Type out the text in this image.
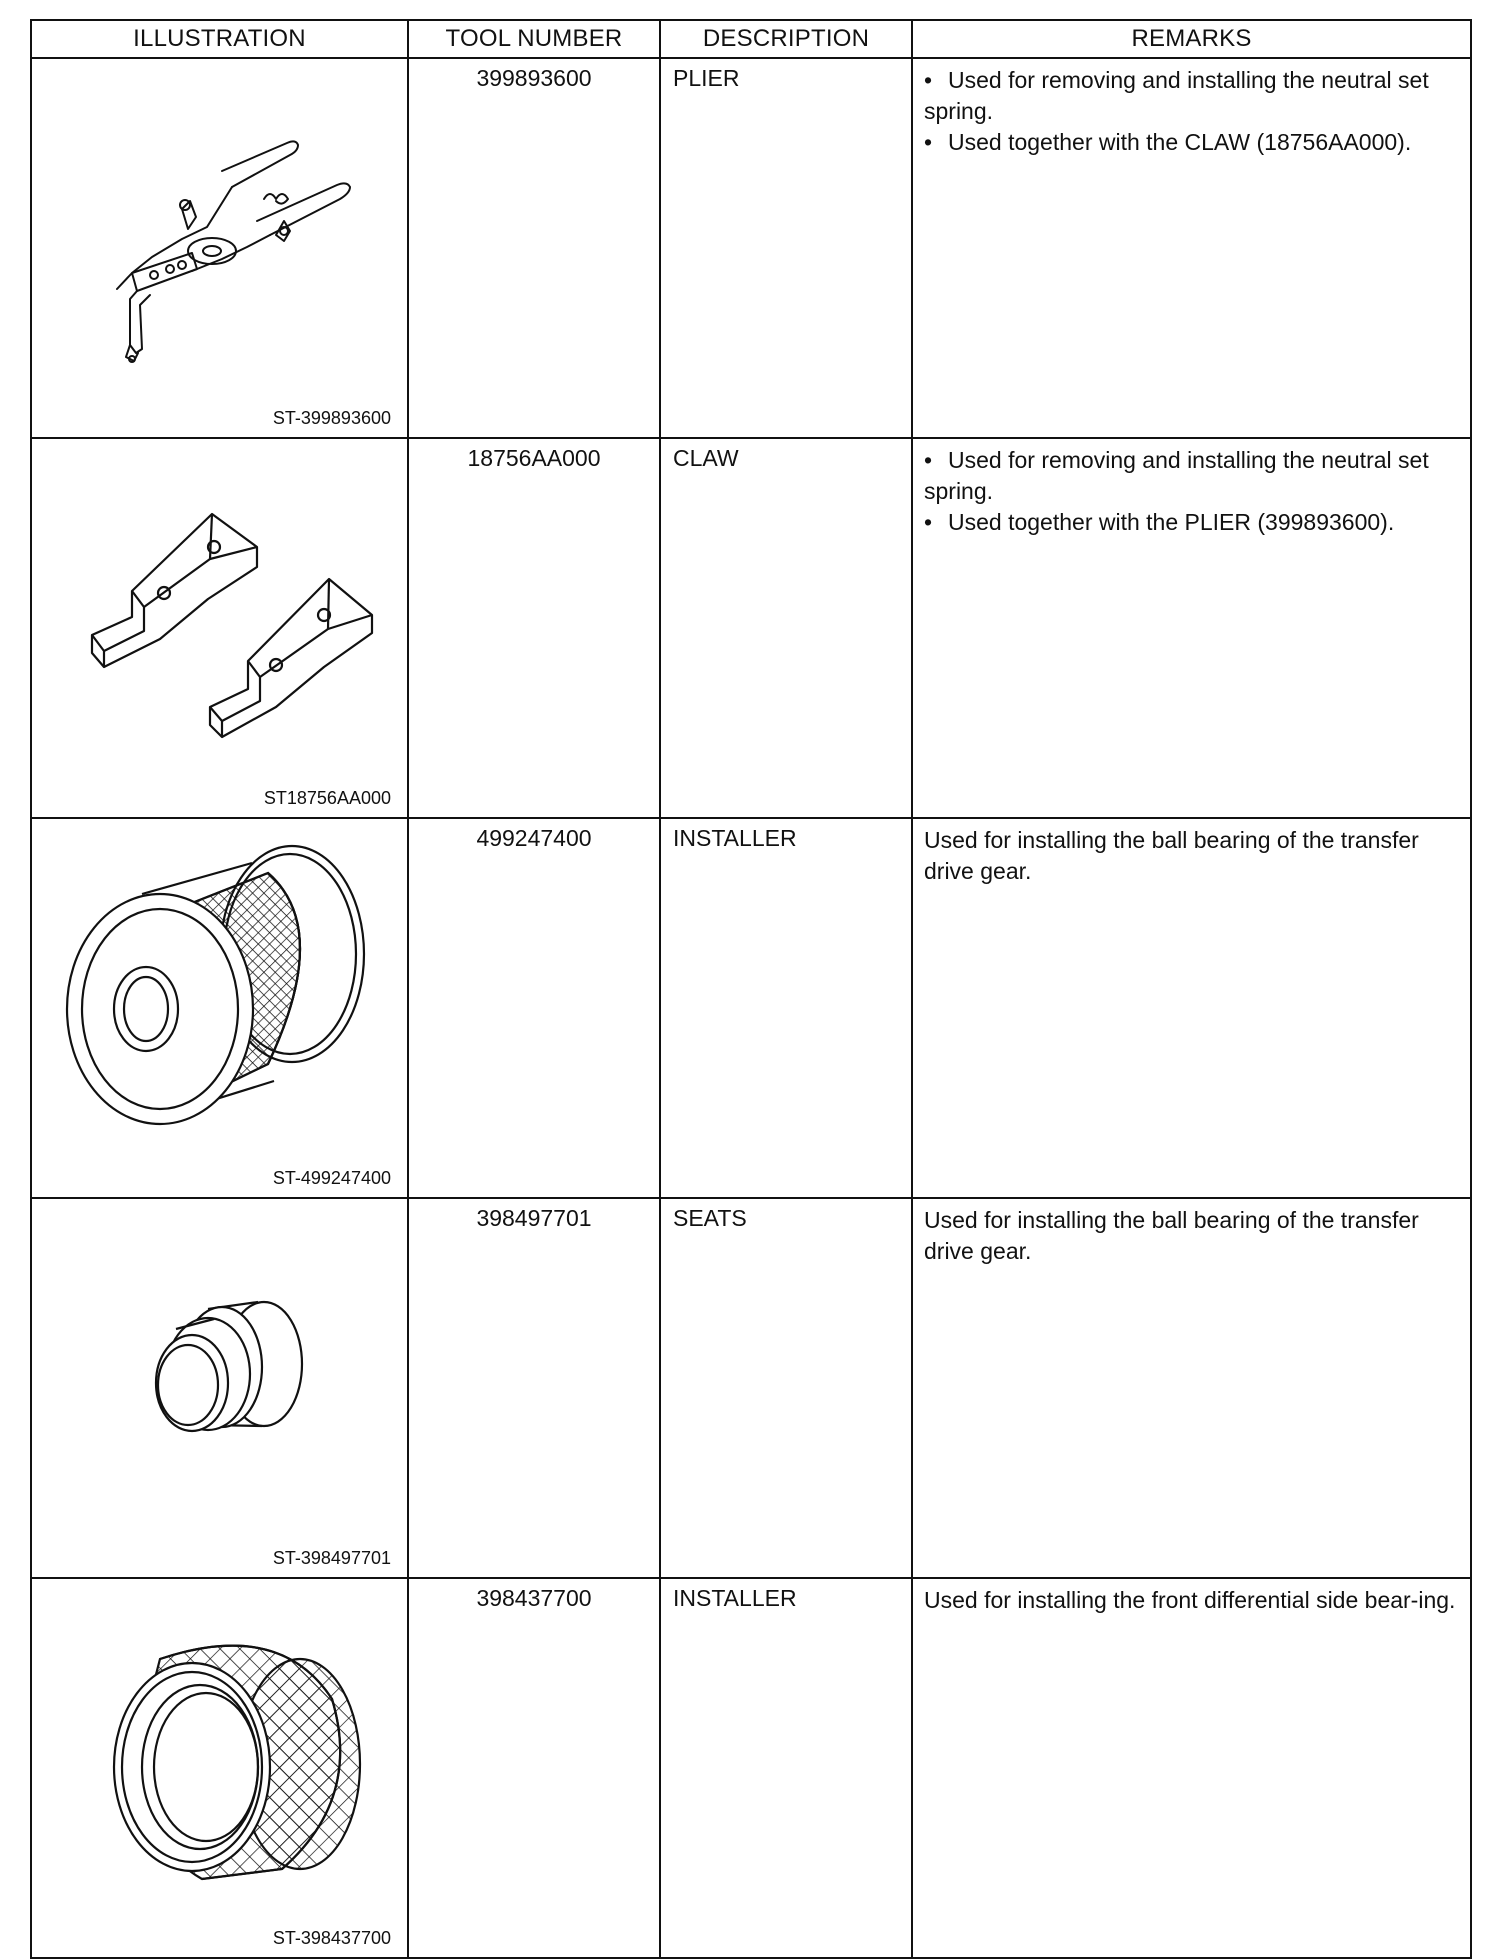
ILLUSTRATION	TOOL NUMBER	DESCRIPTION	REMARKS

ST-399893600	399893600	PLIER	• Used for removing and installing the neutral set spring.
• Used together with the CLAW (18756AA000).

ST18756AA000	18756AA000	CLAW	• Used for removing and installing the neutral set spring.
• Used together with the PLIER (399893600).

ST-499247400	499247400	INSTALLER	Used for installing the ball bearing of the transfer drive gear.

ST-398497701	398497701	SEATS	Used for installing the ball bearing of the transfer drive gear.

ST-398437700	398437700	INSTALLER	Used for installing the front differential side bear-ing.
